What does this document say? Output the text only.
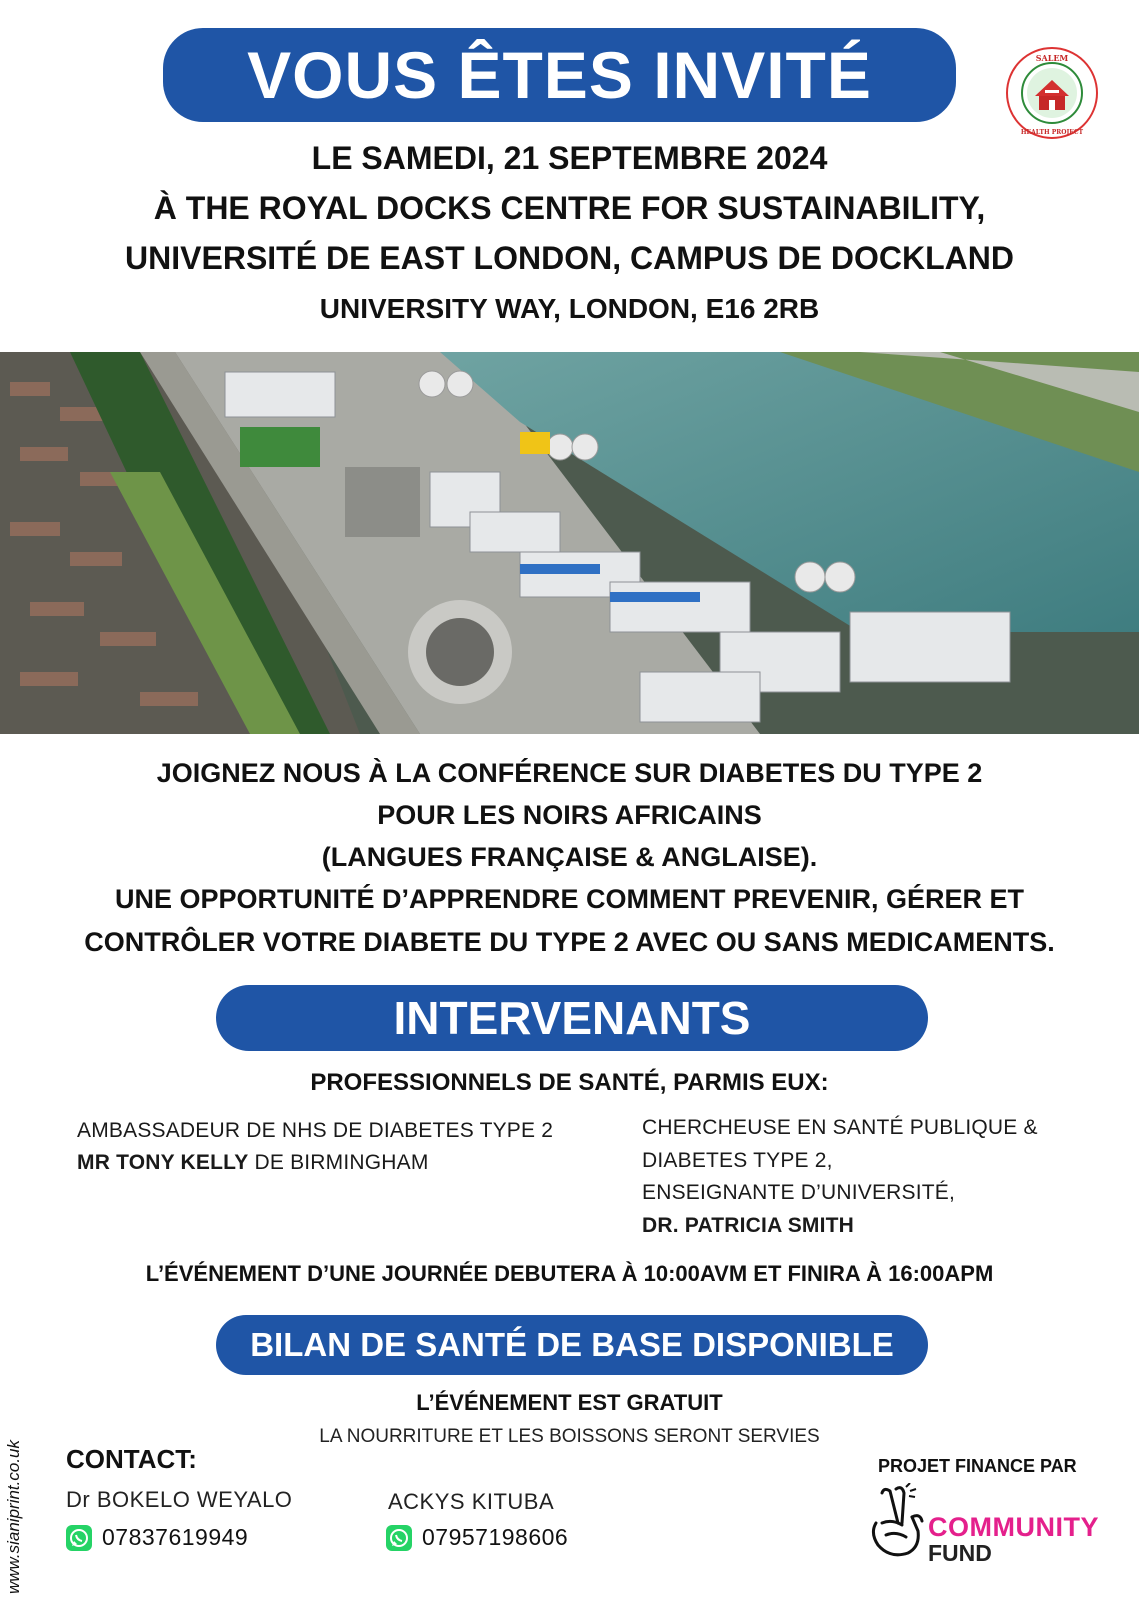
VOUS ÊTES INVITÉ	SALEM
HEALTH PROJECT
LE SAMEDI, 21 SEPTEMBRE 2024
À THE ROYAL DOCKS CENTRE FOR SUSTAINABILITY,
UNIVERSITÉ DE EAST LONDON, CAMPUS DE DOCKLAND
UNIVERSITY WAY, LONDON, E16 2RB
JOIGNEZ NOUS À LA CONFÉRENCE SUR DIABETES DU TYPE 2
POUR LES NOIRS AFRICAINS
(LANGUES FRANÇAISE & ANGLAISE).
UNE OPPORTUNITÉ D’APPRENDRE COMMENT PREVENIR, GÉRER ET
CONTRÔLER VOTRE DIABETE DU TYPE 2 AVEC OU SANS MEDICAMENTS.
INTERVENANTS
PROFESSIONNELS DE SANTÉ, PARMIS EUX:
AMBASSADEUR DE NHS DE DIABETES TYPE 2
MR TONY KELLY DE BIRMINGHAM
CHERCHEUSE EN SANTÉ PUBLIQUE &
DIABETES TYPE 2,
ENSEIGNANTE D’UNIVERSITÉ,
DR. PATRICIA SMITH
L’ÉVÉNEMENT D’UNE JOURNÉE DEBUTERA À 10:00AVM ET FINIRA À 16:00APM
BILAN DE SANTÉ DE BASE DISPONIBLE
L’ÉVÉNEMENT EST GRATUIT
LA NOURRITURE ET LES BOISSONS SERONT SERVIES
CONTACT:
Dr BOKELO WEYALO	ACKYS KITUBA
07837619949	07957198606
PROJET FINANCE PAR
COMMUNITY
FUND
www.sianiprint.co.uk
